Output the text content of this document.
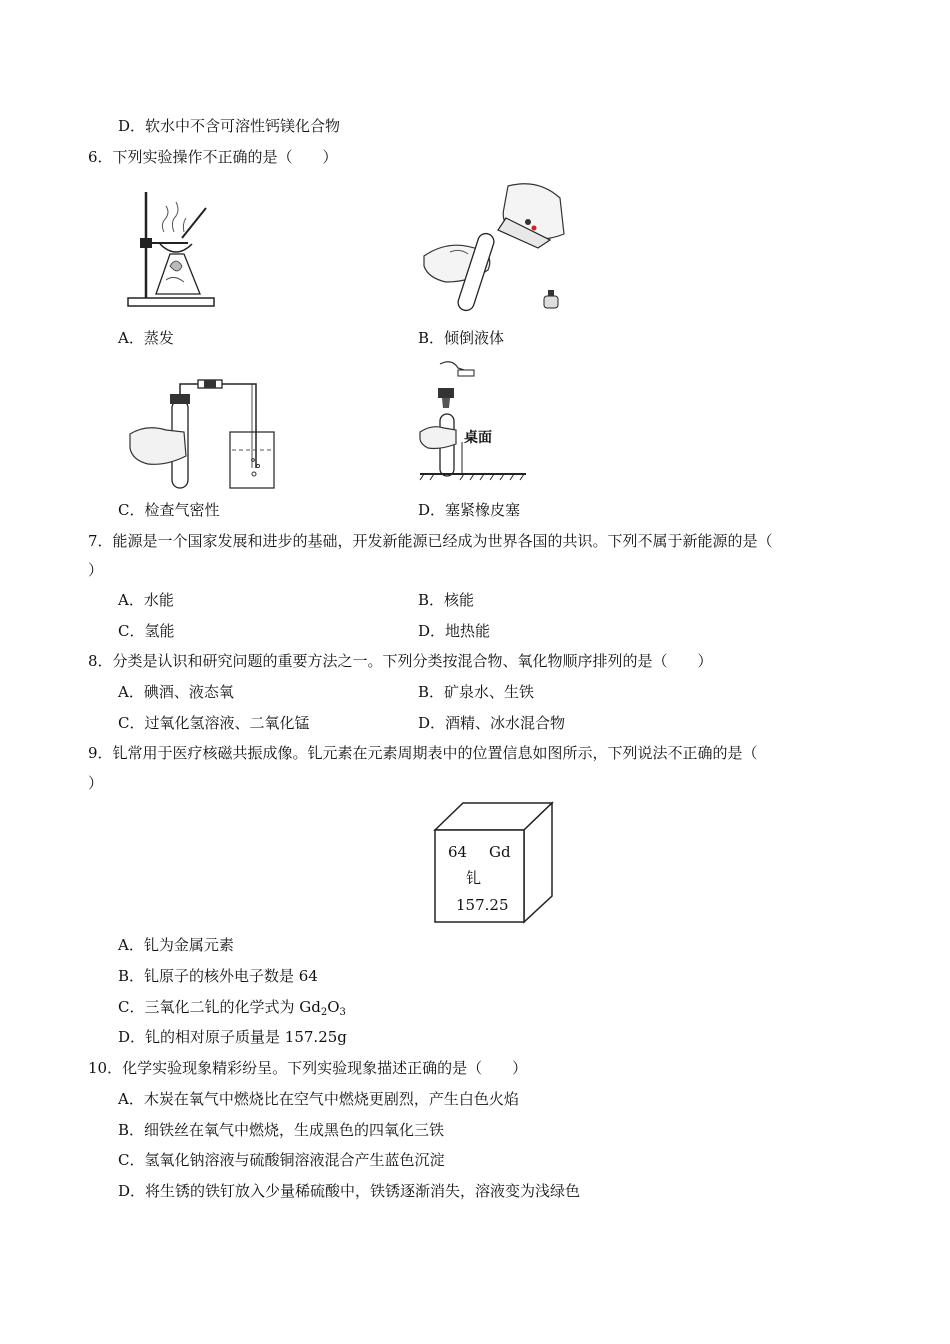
D．软水中不含可溶性钙镁化合物
6．下列实验操作不正确的是（　　）
A．蒸发	B．倾倒液体
C．检查气密性
桌面
D．塞紧橡皮塞
7．能源是一个国家发展和进步的基础，开发新能源已经成为世界各国的共识。下列不属于新能源的是（
）
A．水能	B．核能
C．氢能	D．地热能
8．分类是认识和研究问题的重要方法之一。下列分类按混合物、氧化物顺序排列的是（　　）
A．碘酒、液态氧	B．矿泉水、生铁
C．过氧化氢溶液、二氧化锰	D．酒精、冰水混合物
9．钆常用于医疗核磁共振成像。钆元素在元素周期表中的位置信息如图所示，下列说法不正确的是（
）
64 Gd
钆
157.25
A．钆为金属元素
B．钆原子的核外电子数是 64
C．三氧化二钆的化学式为 $Gd_2O_3$
D．钆的相对原子质量是 157.25g
10．化学实验现象精彩纷呈。下列实验现象描述正确的是（　　）
A．木炭在氧气中燃烧比在空气中燃烧更剧烈，产生白色火焰
B．细铁丝在氧气中燃烧，生成黑色的四氧化三铁
C．氢氧化钠溶液与硫酸铜溶液混合产生蓝色沉淀
D．将生锈的铁钉放入少量稀硫酸中，铁锈逐渐消失，溶液变为浅绿色
